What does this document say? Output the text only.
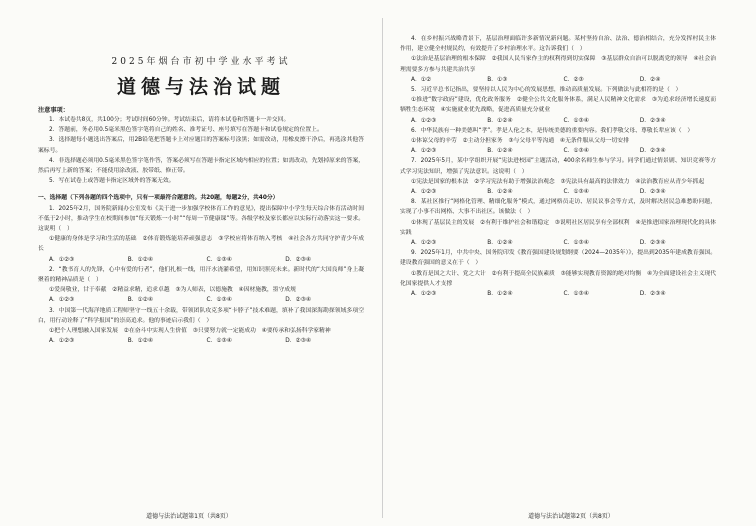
2025年烟台市初中学业水平考试
道德与法治试题
注意事项：

1．本试卷共8页，共100分；考试时间60分钟。考试结束后，请将本试卷和答题卡一并交回。

2．答题前，务必用0.5毫米黑色签字笔将自己的姓名、准考证号、座号填写在答题卡和试卷规定的位置上。

3．选择题每小题选出答案后，用2B铅笔把答题卡上对应题目的答案标号涂黑；如需改动，用橡皮擦干净后，再选涂其他答案标号。

4．非选择题必须用0.5毫米黑色签字笔作答，答案必须写在答题卡指定区域内相应的位置；如需改动，先划掉原来的答案，然后再写上新的答案；不能使用涂改液、胶带纸、修正带。

5．写在试卷上或答题卡指定区域外的答案无效。

一、选择题（下列各题的四个选项中，只有一项最符合题意的。共20题，每题2分，共40分）

1．2025年2月，国务院新闻办公室发布《关于进一步加强学校体育工作的意见》，提出保障中小学生每天综合体育活动时间不低于2小时，推动学生在校期间参加“每天锻炼一小时”“每周一节健康课”等。各级学校及家长都应以实际行动落实这一要求。这说明（　）

①健康的身体是学习和生活的基础　②体育锻炼能培养顽强意志　③学校应将体育纳入考核　④社会各方共同守护青少年成长

A．①②③	B．①②④	C．①③④	D．②③④

2．“教书育人的先锋，心中有爱的行者”，他们扎根一线，用汗水浇灌希望，用知识照亮未来。新时代的“大国良师”身上凝聚着的精神品质是（　）

①爱岗敬业，甘于奉献　②精益求精，追求卓越　③为人师表，以德施教　④因材施教，墨守成规

A．①②③	B．①②④	C．①③④	D．②③④

3．中国第一代海洋地质工程师坚守一线五十余载，带领团队攻克多项“卡脖子”技术难题，填补了我国深海勘探领域多项空白，用行动诠释了“科学报国”的崇高追求。他的事迹启示我们（　）

①把个人理想融入国家发展　②在奋斗中实现人生价值　③只要努力就一定能成功　④要传承和弘扬科学家精神

A．①②③	B．①②④	C．①③④	D．②③④
道德与法治试题第1页（共8页）

4．在乡村振兴战略背景下，基层治理面临许多新情况新问题。某村坚持自治、法治、德治相结合，充分发挥村民主体作用，建立健全村规民约，有效提升了乡村治理水平。这告诉我们（　）

①法治是基层治理的根本保障　②我国人民当家作主的权利得到切实保障　③基层群众自治可以脱离党的领导　④社会治理需要多方参与共建共治共享

A．①②	B．①③	C．②③	D．②④

5．习近平总书记指出，要坚持以人民为中心的发展思想，推动高质量发展。下列做法与此相符的是（　）

①推进“数字政府”建设，优化政务服务　②健全公共文化服务体系，满足人民精神文化需求　③为追求经济增长速度而牺牲生态环境　④实施就业优先战略，促进高质量充分就业

A．①②③	B．①②④	C．①③④	D．②③④

6．中华民族有一种美德叫“孝”。孝是人伦之本，是传统美德的重要内容。我们孝敬父母、尊敬长辈应该（　）

①体谅父母的辛劳　②主动分担家务　③与父母平等沟通　④无条件服从父母一切安排

A．①②③	B．①②④	C．①③④	D．②③④

7．2025年5月，某中学组织开展“宪法进校园”主题活动，400余名师生参与学习。同学们通过情景剧、知识竞赛等方式学习宪法知识，增强了宪法意识。这说明（　）

①宪法是国家的根本法　②学习宪法有助于增强法治观念　③宪法具有最高的法律效力　④法治教育应从青少年抓起

A．①②③	B．①②④	C．①③④	D．②③④

8．某社区推行“网格化管理、精细化服务”模式，通过网格员走访、居民议事会等方式，及时解决居民急难愁盼问题，实现了小事不出网格、大事不出社区。该做法（　）

①体现了基层民主的发展　②有利于维护社会和谐稳定　③说明社区居民享有全部权利　④是推进国家治理现代化的具体实践

A．①②③	B．①②④	C．①③④	D．②③④

9．2025年1月，中共中央、国务院印发《教育强国建设规划纲要（2024—2035年）》，提出到2035年建成教育强国。建设教育强国的意义在于（　）

①教育是国之大计、党之大计　②有利于提高全民族素质　③能够实现教育资源的绝对均衡　④为全面建设社会主义现代化国家提供人才支撑

A．①②③	B．①②④	C．①③④	D．②③④
道德与法治试题第2页（共8页）
